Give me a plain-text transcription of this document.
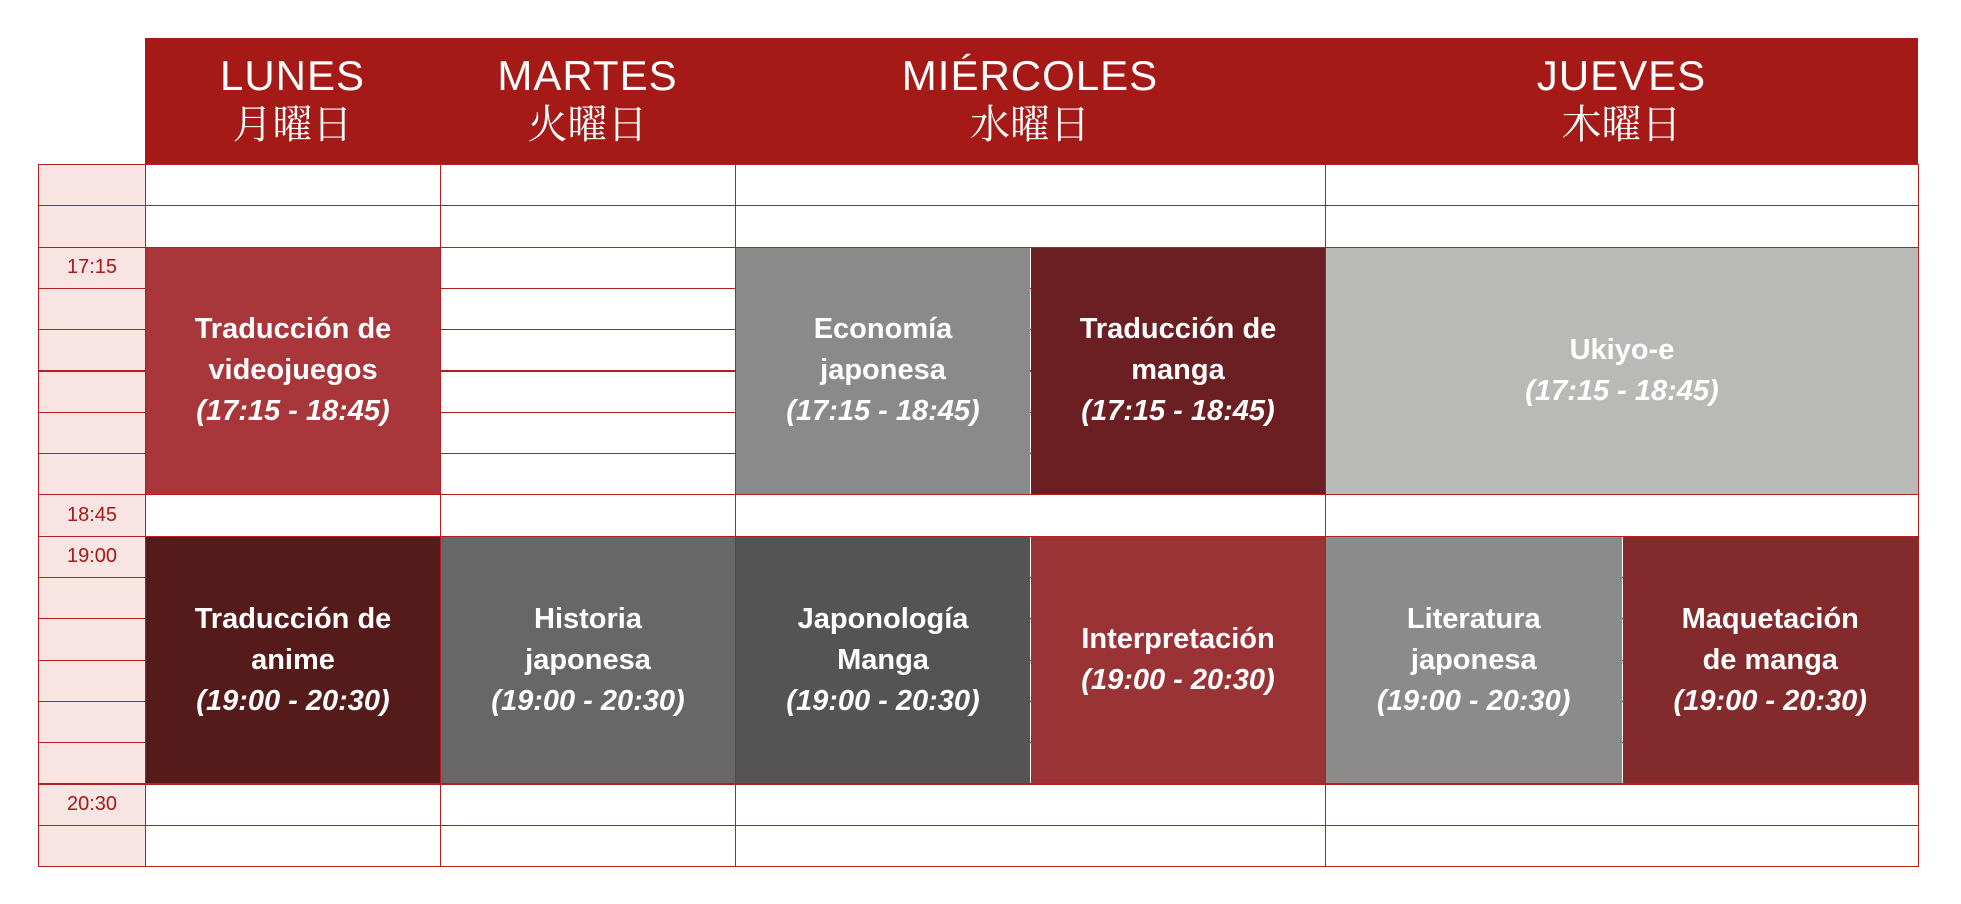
LUNES
月曜日
MARTES
火曜日
MIÉRCOLES
水曜日
JUEVES
木曜日
17:15
18:45
19:00
20:30
Traducción de
videojuegos
(17:15 - 18:45)
Economía
japonesa
(17:15 - 18:45)
Traducción de
manga
(17:15 - 18:45)
Ukiyo-e
(17:15 - 18:45)
Traducción de
anime
(19:00 - 20:30)
Historia
japonesa
(19:00 - 20:30)
Japonología
Manga
(19:00 - 20:30)
Interpretación
(19:00 - 20:30)
Literatura
japonesa
(19:00 - 20:30)
Maquetación
de manga
(19:00 - 20:30)
